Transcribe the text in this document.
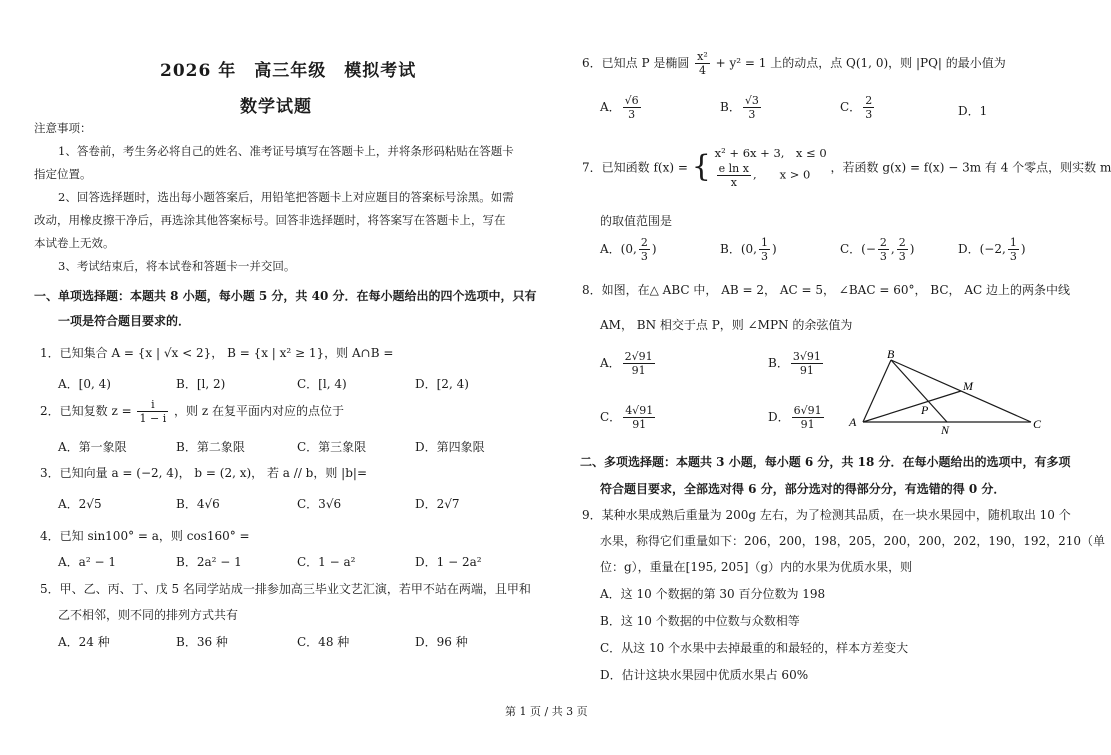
2026 年　高三年级　模拟考试
数学试题
注意事项：
1、答卷前，考生务必将自己的姓名、准考证号填写在答题卡上，并将条形码粘贴在答题卡
指定位置。
2、回答选择题时，选出每小题答案后，用铅笔把答题卡上对应题目的答案标号涂黑。如需
改动，用橡皮擦干净后，再选涂其他答案标号。回答非选择题时，将答案写在答题卡上，写在
本试卷上无效。
3、考试结束后，将本试卷和答题卡一并交回。
一、单项选择题：本题共 8 小题，每小题 5 分，共 40 分．在每小题给出的四个选项中，只有
一项是符合题目要求的．
1．已知集合 A = {x | √x < 2}， B = {x | x² ≥ 1}，则 A∩B =
A．[0, 4)	B．[l, 2)	C．[l, 4)	D．[2, 4)
2．已知复数 $z = \frac{i}{1 - i}$ ，则 z 在复平面内对应的点位于
A．第一象限	B．第二象限	C．第三象限	D．第四象限
3．已知向量 a = (−2, 4)， b = (2, x)， 若 a // b，则 |b|=
A．2√5	B．4√6	C．3√6	D．2√7
4．已知 sin100° = a，则 cos160° =
A．a² − 1	B．2a² − 1	C．1 − a²	D．1 − 2a²
5．甲、乙、丙、丁、戊 5 名同学站成一排参加高三毕业文艺汇演，若甲不站在两端，且甲和
乙不相邻，则不同的排列方式共有
A．24 种	B．36 种	C．48 种	D．96 种
6．已知点 P 是椭圆 $\frac{\text{x²}}{4} + y^2 = 1$ 上的动点，点 Q(1, 0)，则 |PQ| 的最小值为
A． $\frac{√6}{3}$	B． $\frac{√3}{3}$	C． $\frac{2}{3}$	D．1
7．已知函数 f(x) = { x² + 6x + 3,　x ≤ 0
$\frac{\text{e ln x}}{x}$ ,　　x > 0	，若函数 g(x) = f(x) − 3m 有 4 个零点，则实数 m
的取值范围是
A．(0, $\frac{2}{3}$ )	B．(0, $\frac{1}{3}$ )	C．(− $\frac{2}{3}$ , $\frac{2}{3}$ )	D．(−2, $\frac{1}{3}$ )
8．如图，在△ ABC 中， AB = 2， AC = 5， ∠BAC = 60°， BC， AC 边上的两条中线
AM， BN 相交于点 P，则 ∠MPN 的余弦值为
A． $\frac{2√91}{91}$	B． $\frac{3√91}{91}$
C． $\frac{4√91}{91}$	D． $\frac{6√91}{91}$
B
M
P
A
N	C
二、多项选择题：本题共 3 小题，每小题 6 分，共 18 分．在每小题给出的选项中，有多项
符合题目要求，全部选对得 6 分，部分选对的得部分分，有选错的得 0 分．
9．某种水果成熟后重量为 200g 左右，为了检测其品质，在一块水果园中，随机取出 10 个
水果，称得它们重量如下：206，200，198，205，200，200，202，190，192，210（单
位：g），重量在[195, 205]（g）内的水果为优质水果，则
A．这 10 个数据的第 30 百分位数为 198
B．这 10 个数据的中位数与众数相等
C．从这 10 个水果中去掉最重的和最轻的，样本方差变大
D．估计这块水果园中优质水果占 60%
第 1 页 / 共 3 页
